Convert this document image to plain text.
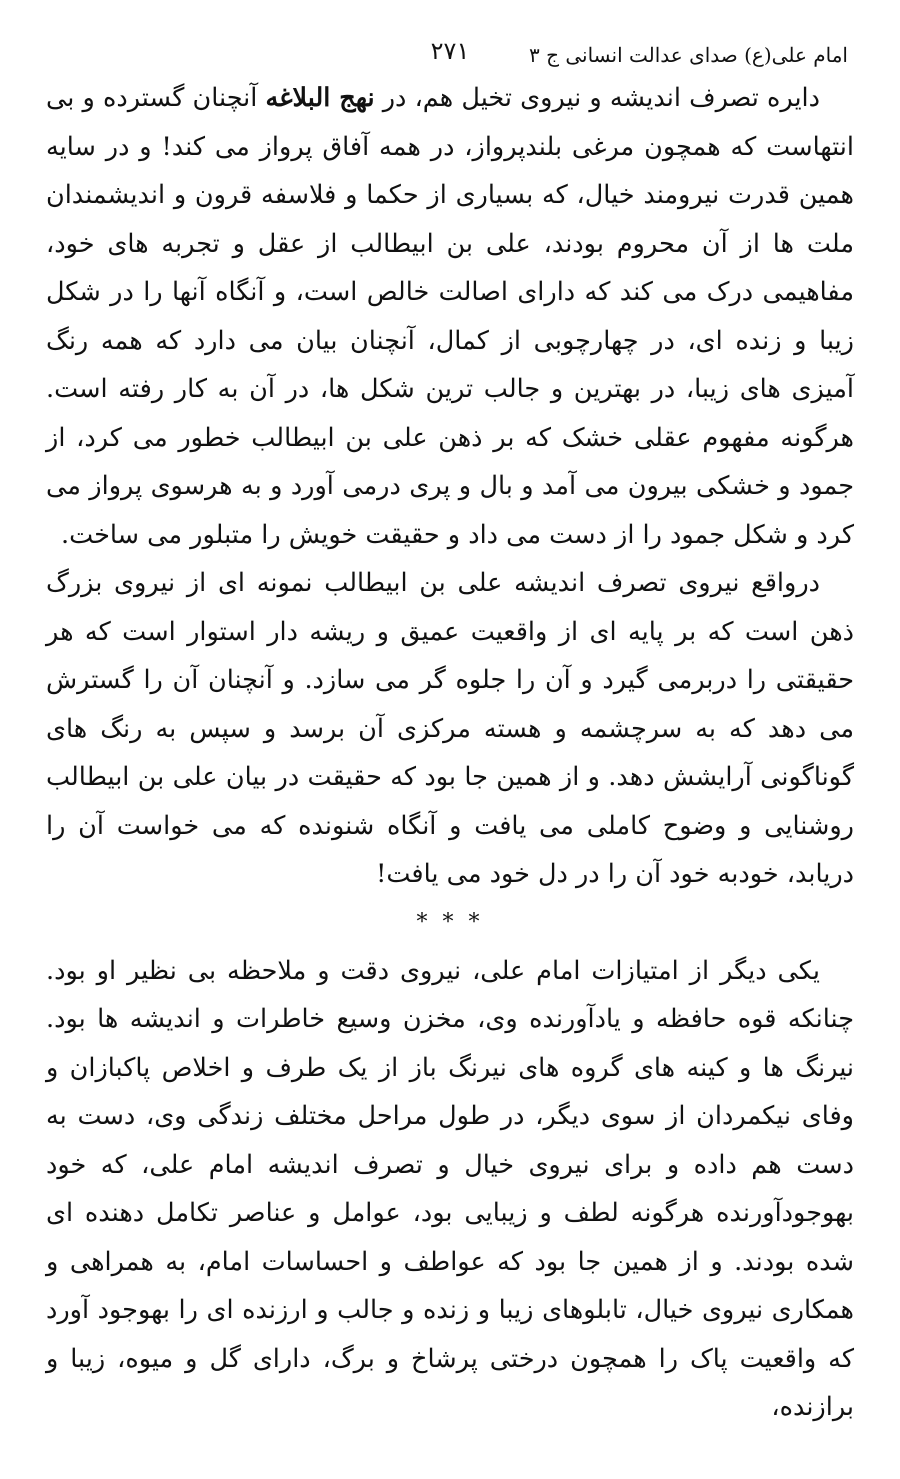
امام علی(ع) صدای عدالت انسانی ج ۳
۲۷۱

دایره تصرف اندیشه و نیروی تخیل هم، در نهج البلاغه آنچنان گسترده و بی انتهاست که همچون مرغی بلندپرواز، در همه آفاق پرواز می کند! و در سایه همین قدرت نیرومند خیال، که بسیاری از حکما و فلاسفه قرون و اندیشمندان ملت ها از آن محروم بودند، علی بن ابیطالب از عقل و تجربه های خود، مفاهیمی درک می کند که دارای اصالت خالص است، و آنگاه آنها را در شکل زیبا و زنده ای، در چهارچوبی از کمال، آنچنان بیان می دارد که همه رنگ آمیزی های زیبا، در بهترین و جالب ترین شکل ها، در آن به کار رفته است. هرگونه مفهوم عقلی خشک که بر ذهن علی بن ابیطالب خطور می کرد، از جمود و خشکی بیرون می آمد و بال و پری درمی آورد و به هرسوی پرواز می کرد و شکل جمود را از دست می داد و حقیقت خویش را متبلور می ساخت.

درواقع نیروی تصرف اندیشه علی بن ابیطالب نمونه ای از نیروی بزرگ ذهن است که بر پایه ای از واقعیت عمیق و ریشه دار استوار است که هر حقیقتی را دربرمی گیرد و آن را جلوه گر می سازد. و آنچنان آن را گسترش می دهد که به سرچشمه و هسته مرکزی آن برسد و سپس به رنگ های گوناگونی آرایشش دهد. و از همین جا بود که حقیقت در بیان علی بن ابیطالب روشنایی و وضوح کاملی می یافت و آنگاه شنونده که می خواست آن را دریابد، خودبه خود آن را در دل خود می یافت!

* * *

یکی دیگر از امتیازات امام علی، نیروی دقت و ملاحظه بی نظیر او بود. چنانکه قوه حافظه و یادآورنده وی، مخزن وسیع خاطرات و اندیشه ها بود. نیرنگ ها و کینه های گروه های نیرنگ باز از یک طرف و اخلاص پاکبازان و وفای نیکمردان از سوی دیگر، در طول مراحل مختلف زندگی وی، دست به دست هم داده و برای نیروی خیال و تصرف اندیشه امام علی، که خود بهوجودآورنده هرگونه لطف و زیبایی بود، عوامل و عناصر تکامل دهنده ای شده بودند. و از همین جا بود که عواطف و احساسات امام، به همراهی و همکاری نیروی خیال، تابلوهای زیبا و زنده و جالب و ارزنده ای را بهوجود آورد که واقعیت پاک را همچون درختی پرشاخ و برگ، دارای گل و میوه، زیبا و برازنده،
